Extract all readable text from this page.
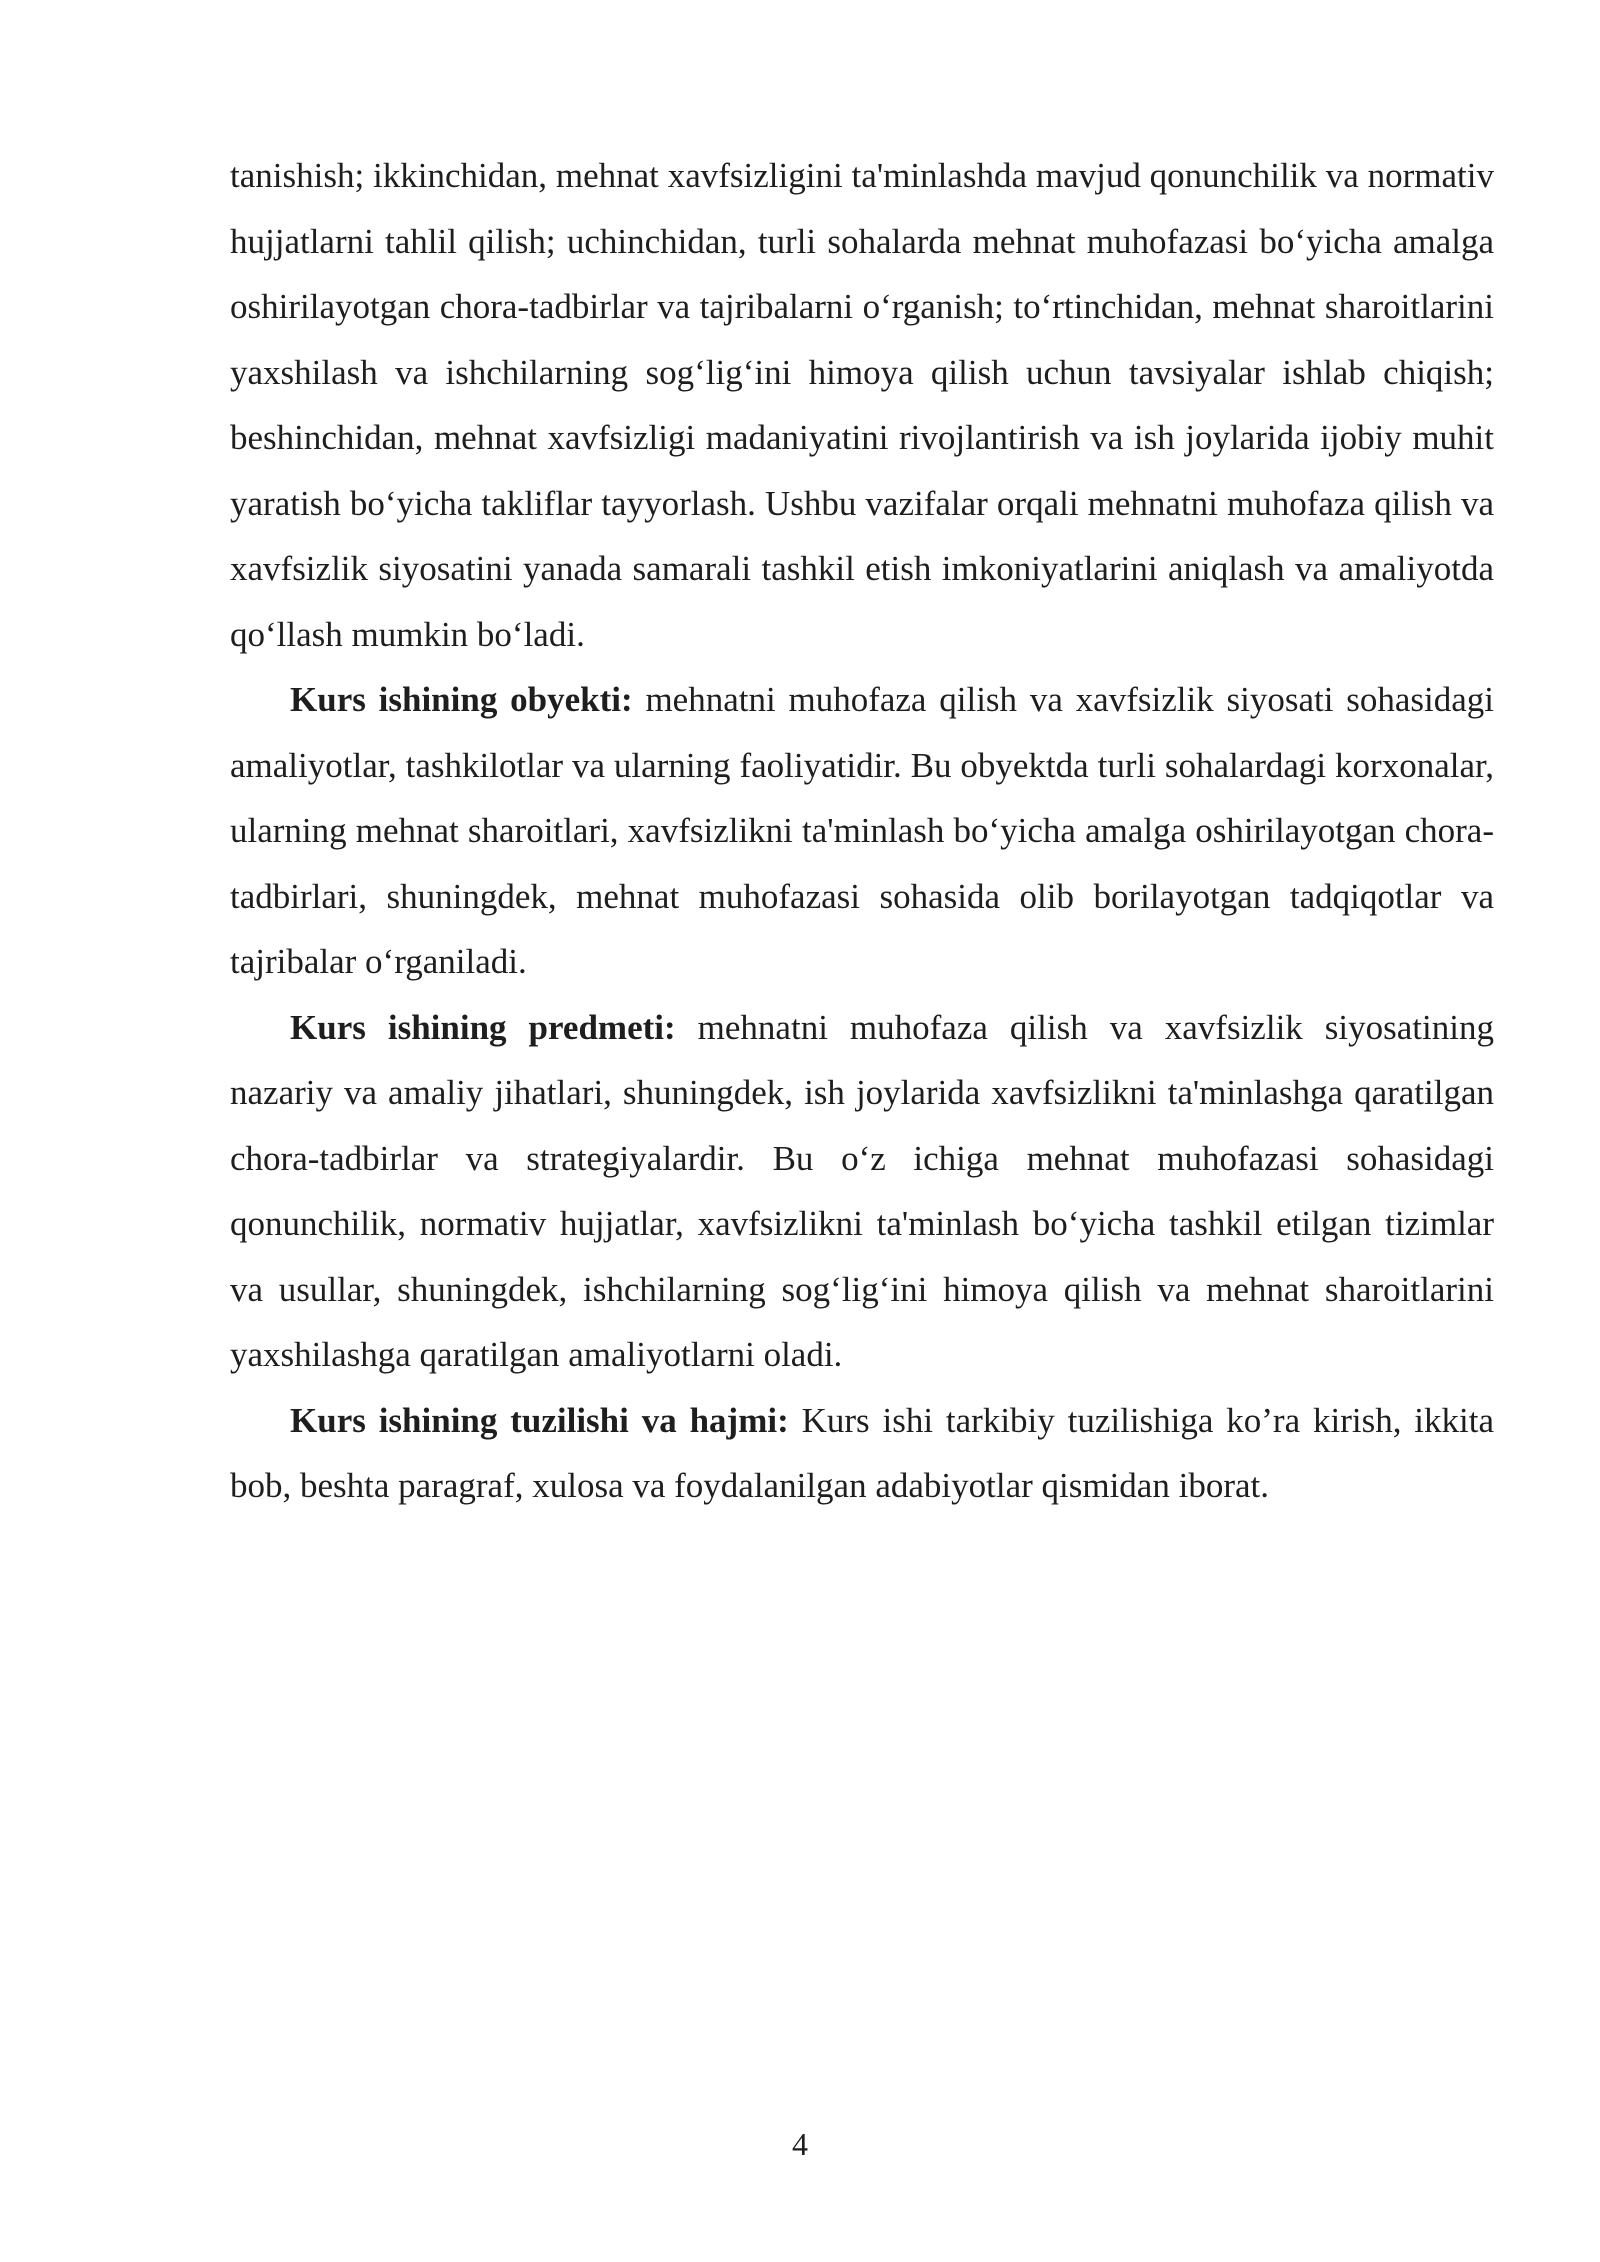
tanishish; ikkinchidan, mehnat xavfsizligini ta'minlashda mavjud qonunchilik va normativ hujjatlarni tahlil qilish; uchinchidan, turli sohalarda mehnat muhofazasi bo‘yicha amalga oshirilayotgan chora-tadbirlar va tajribalarni o‘rganish; to‘rtinchidan, mehnat sharoitlarini yaxshilash va ishchilarning sog‘lig‘ini himoya qilish uchun tavsiyalar ishlab chiqish; beshinchidan, mehnat xavfsizligi madaniyatini rivojlantirish va ish joylarida ijobiy muhit yaratish bo‘yicha takliflar tayyorlash. Ushbu vazifalar orqali mehnatni muhofaza qilish va xavfsizlik siyosatini yanada samarali tashkil etish imkoniyatlarini aniqlash va amaliyotda qo‘llash mumkin bo‘ladi.

Kurs ishining obyekti: mehnatni muhofaza qilish va xavfsizlik siyosati sohasidagi amaliyotlar, tashkilotlar va ularning faoliyatidir. Bu obyektda turli sohalardagi korxonalar, ularning mehnat sharoitlari, xavfsizlikni ta'minlash bo‘yicha amalga oshirilayotgan chora-tadbirlari, shuningdek, mehnat muhofazasi sohasida olib borilayotgan tadqiqotlar va tajribalar o‘rganiladi.

Kurs ishining predmeti: mehnatni muhofaza qilish va xavfsizlik siyosatining nazariy va amaliy jihatlari, shuningdek, ish joylarida xavfsizlikni ta'minlashga qaratilgan chora-tadbirlar va strategiyalardir. Bu o‘z ichiga mehnat muhofazasi sohasidagi qonunchilik, normativ hujjatlar, xavfsizlikni ta'minlash bo‘yicha tashkil etilgan tizimlar va usullar, shuningdek, ishchilarning sog‘lig‘ini himoya qilish va mehnat sharoitlarini yaxshilashga qaratilgan amaliyotlarni oladi.

Kurs ishining tuzilishi va hajmi: Kurs ishi tarkibiy tuzilishiga ko’ra kirish, ikkita bob, beshta paragraf, xulosa va foydalanilgan adabiyotlar qismidan iborat.

4
